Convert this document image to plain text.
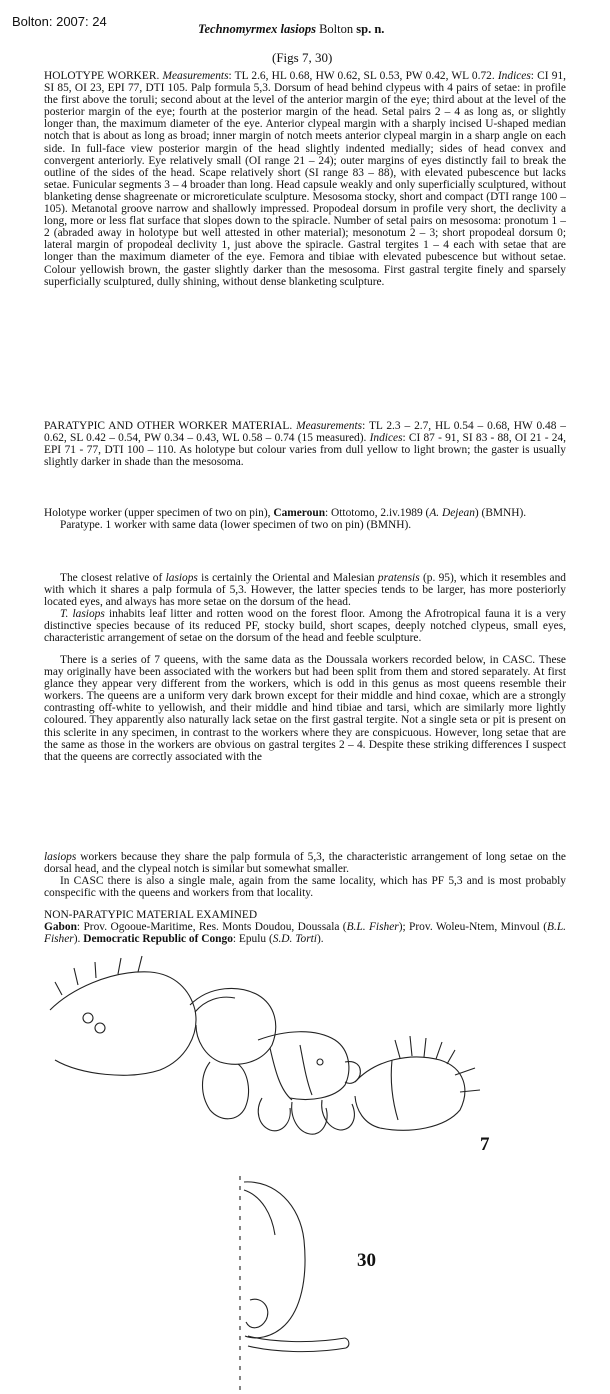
Bolton: 2007: 24	Technomyrmex lasiops Bolton sp. n.
(Figs 7, 30)

HOLOTYPE WORKER. Measurements: TL 2.6, HL 0.68, HW 0.62, SL 0.53, PW 0.42, WL 0.72. Indices: CI 91, SI 85, OI 23, EPI 77, DTI 105. Palp formula 5,3. Dorsum of head behind clypeus with 4 pairs of setae: in profile the first above the toruli; second about at the level of the anterior margin of the eye; third about at the level of the posterior margin of the eye; fourth at the posterior margin of the head. Setal pairs 2 – 4 as long as, or slightly longer than, the maximum diameter of the eye. Anterior clypeal margin with a sharply incised U-shaped median notch that is about as long as broad; inner margin of notch meets anterior clypeal margin in a sharp angle on each side. In full-face view posterior margin of the head slightly indented medially; sides of head convex and convergent anteriorly. Eye relatively small (OI range 21 – 24); outer margins of eyes distinctly fail to break the outline of the sides of the head. Scape relatively short (SI range 83 – 88), with elevated pubescence but lacks setae. Funicular segments 3 – 4 broader than long. Head capsule weakly and only superficially sculptured, without blanketing dense shagreenate or microreticulate sculpture. Mesosoma stocky, short and compact (DTI range 100 – 105). Metanotal groove narrow and shallowly impressed. Propodeal dorsum in profile very short, the declivity a long, more or less flat surface that slopes down to the spiracle. Number of setal pairs on mesosoma: pronotum 1 – 2 (abraded away in holotype but well attested in other material); mesonotum 2 – 3; short propodeal dorsum 0; lateral margin of propodeal declivity 1, just above the spiracle. Gastral tergites 1 – 4 each with setae that are longer than the maximum diameter of the eye. Femora and tibiae with elevated pubescence but without setae. Colour yellowish brown, the gaster slightly darker than the mesosoma. First gastral tergite finely and sparsely superficially sculptured, dully shining, without dense blanketing sculpture.

PARATYPIC AND OTHER WORKER MATERIAL. Measurements: TL 2.3 – 2.7, HL 0.54 – 0.68, HW 0.48 – 0.62, SL 0.42 – 0.54, PW 0.34 – 0.43, WL 0.58 – 0.74 (15 measured). Indices: CI 87 - 91, SI 83 - 88, OI 21 - 24, EPI 71 - 77, DTI 100 – 110. As holotype but colour varies from dull yellow to light brown; the gaster is usually slightly darker in shade than the mesosoma.

Holotype worker (upper specimen of two on pin), Cameroun: Ottotomo, 2.iv.1989 (A. Dejean) (BMNH).

Paratype. 1 worker with same data (lower specimen of two on pin) (BMNH).

The closest relative of lasiops is certainly the Oriental and Malesian pratensis (p. 95), which it resembles and with which it shares a palp formula of 5,3. However, the latter species tends to be larger, has more posteriorly located eyes, and always has more setae on the dorsum of the head.

T. lasiops inhabits leaf litter and rotten wood on the forest floor. Among the Afrotropical fauna it is a very distinctive species because of its reduced PF, stocky build, short scapes, deeply notched clypeus, small eyes, characteristic arrangement of setae on the dorsum of the head and feeble sculpture.

There is a series of 7 queens, with the same data as the Doussala workers recorded below, in CASC. These may originally have been associated with the workers but had been split from them and stored separately. At first glance they appear very different from the workers, which is odd in this genus as most queens resemble their workers. The queens are a uniform very dark brown except for their middle and hind coxae, which are a strongly contrasting off-white to yellowish, and their middle and hind tibiae and tarsi, which are similarly more lightly coloured. They apparently also naturally lack setae on the first gastral tergite. Not a single seta or pit is present on this sclerite in any specimen, in contrast to the workers where they are conspicuous. However, long setae that are the same as those in the workers are obvious on gastral tergites 2 – 4. Despite these striking differences I suspect that the queens are correctly associated with the

lasiops workers because they share the palp formula of 5,3, the characteristic arrangement of long setae on the dorsal head, and the clypeal notch is similar but somewhat smaller.

In CASC there is also a single male, again from the same locality, which has PF 5,3 and is most probably conspecific with the queens and workers from that locality.

NON-PARATYPIC MATERIAL EXAMINED

Gabon: Prov. Ogooue-Maritime, Res. Monts Doudou, Doussala (B.L. Fisher); Prov. Woleu-Ntem, Minvoul (B.L. Fisher). Democratic Republic of Congo: Epulu (S.D. Torti).

7
30
